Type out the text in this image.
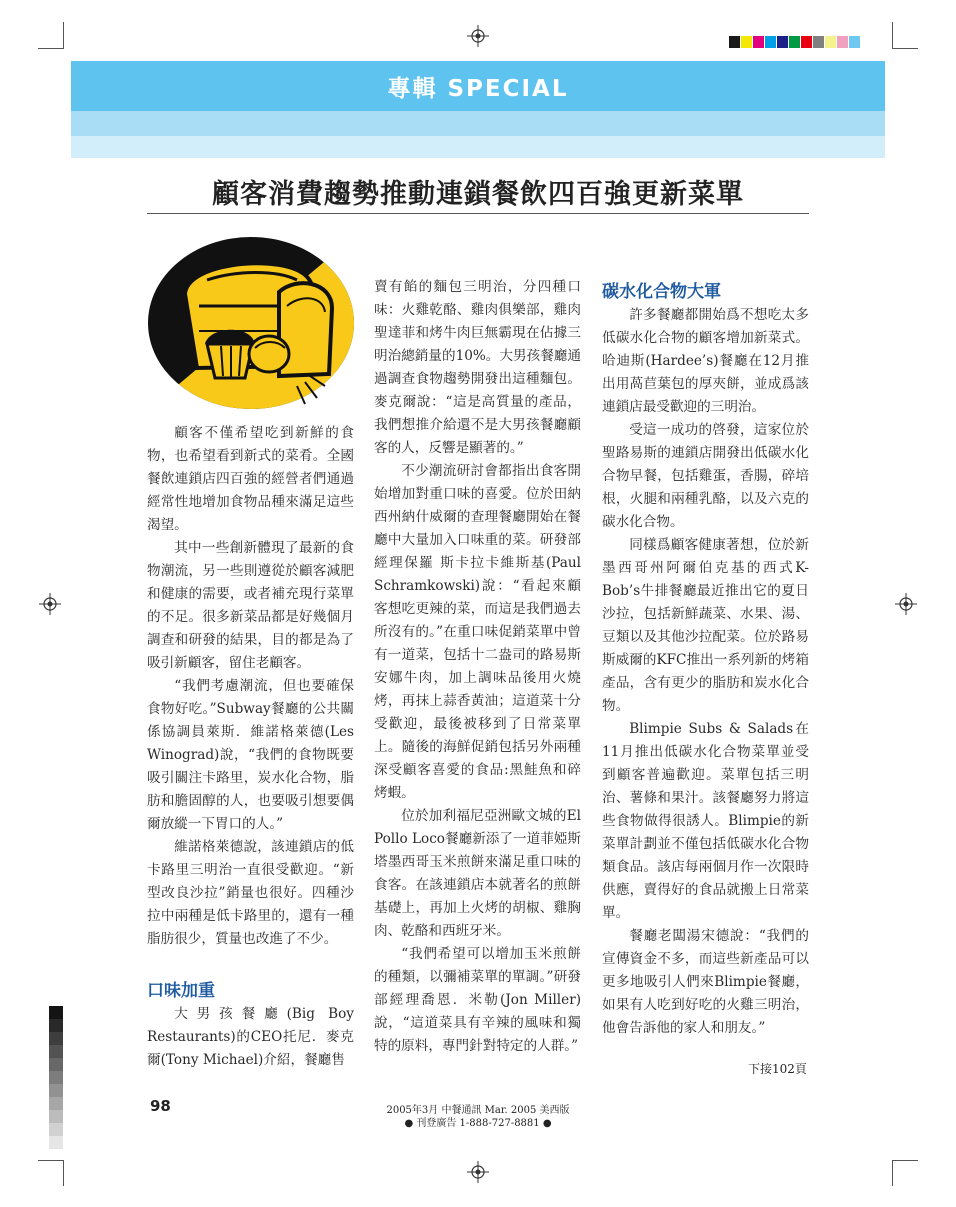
專輯 SPECIAL
顧客消費趨勢推動連鎖餐飲四百強更新菜單

顧客不僅希望吃到新鮮的食物，也希望看到新式的菜肴。全國餐飲連鎖店四百強的經營者們通過經常性地增加食物品種來滿足這些渴望。

其中一些創新體現了最新的食物潮流，另一些則遵從於顧客減肥和健康的需要，或者補充現行菜單的不足。很多新菜品都是好幾個月調查和研發的結果，目的都是為了吸引新顧客，留住老顧客。

“我們考慮潮流，但也要確保食物好吃。”Subway餐廳的公共關係協調員萊斯．維諾格萊德(Les Winograd)說，“我們的食物既要吸引關注卡路里，炭水化合物，脂肪和膽固醇的人，也要吸引想要偶爾放縱一下胃口的人。”

維諾格萊德說，該連鎖店的低卡路里三明治一直很受歡迎。“新型改良沙拉”銷量也很好。四種沙拉中兩種是低卡路里的，還有一種脂肪很少，質量也改進了不少。

口味加重

大男孩餐廳(Big Boy Restaurants)的CEO托尼．麥克爾(Tony Michael)介紹，餐廳售

賣有餡的麵包三明治，分四種口味：火雞乾酪、雞肉俱樂部，雞肉聖達菲和烤牛肉巨無霸現在佔據三明治總銷量的10%。大男孩餐廳通過調查食物趨勢開發出這種麵包。麥克爾說：“這是高質量的產品，我們想推介給還不是大男孩餐廳顧客的人，反響是顯著的。”

不少潮流研討會都指出食客開始增加對重口味的喜愛。位於田納西州納什威爾的查理餐廳開始在餐廳中大量加入口味重的菜。研發部經理保羅 斯卡拉卡維斯基(Paul Schramkowski)說：“看起來顧客想吃更辣的菜，而這是我們過去所沒有的。”在重口味促銷菜單中曾有一道菜，包括十二盎司的路易斯安娜牛肉，加上調味品後用火燒烤，再抹上蒜香黃油；這道菜十分受歡迎，最後被移到了日常菜單上。隨後的海鮮促銷包括另外兩種深受顧客喜愛的食品:黑鮭魚和碎烤蝦。

位於加利福尼亞洲歐文城的El Pollo Loco餐廳新添了一道菲婭斯塔墨西哥玉米煎餅來滿足重口味的食客。在該連鎖店本就著名的煎餅基礎上，再加上火烤的胡椒、雞胸肉、乾酪和西班牙米。

“我們希望可以增加玉米煎餅的種類，以彌補菜單的單調。”研發部經理喬恩．米勒(Jon Miller)說，“這道菜具有辛辣的風味和獨特的原料，專門針對特定的人群。”

碳水化合物大軍

許多餐廳都開始爲不想吃太多低碳水化合物的顧客增加新菜式。哈迪斯(Hardee’s)餐廳在12月推出用萵苣葉包的厚夾餅，並成爲該連鎖店最受歡迎的三明治。

受這一成功的啓發，這家位於聖路易斯的連鎖店開發出低碳水化合物早餐，包括雞蛋，香腸，碎培根，火腿和兩種乳酪，以及六克的碳水化合物。

同樣爲顧客健康著想，位於新墨西哥州阿爾伯克基的西式K-Bob’s牛排餐廳最近推出它的夏日沙拉，包括新鮮蔬菜、水果、湯、豆類以及其他沙拉配菜。位於路易斯威爾的KFC推出一系列新的烤箱產品，含有更少的脂肪和炭水化合物。

Blimpie Subs & Salads在11月推出低碳水化合物菜單並受到顧客普遍歡迎。菜單包括三明治、薯條和果汁。該餐廳努力將這些食物做得很誘人。Blimpie的新菜單計劃並不僅包括低碳水化合物類食品。該店每兩個月作一次限時供應，賣得好的食品就搬上日常菜單。

餐廳老闆湯宋德說：“我們的宣傳資金不多，而這些新產品可以更多地吸引人們來Blimpie餐廳，如果有人吃到好吃的火雞三明治，他會告訴他的家人和朋友。”

下接102頁
98	2005年3月 中餐通訊 Mar. 2005 美西版
● 刊登廣告 1-888-727-8881 ●
